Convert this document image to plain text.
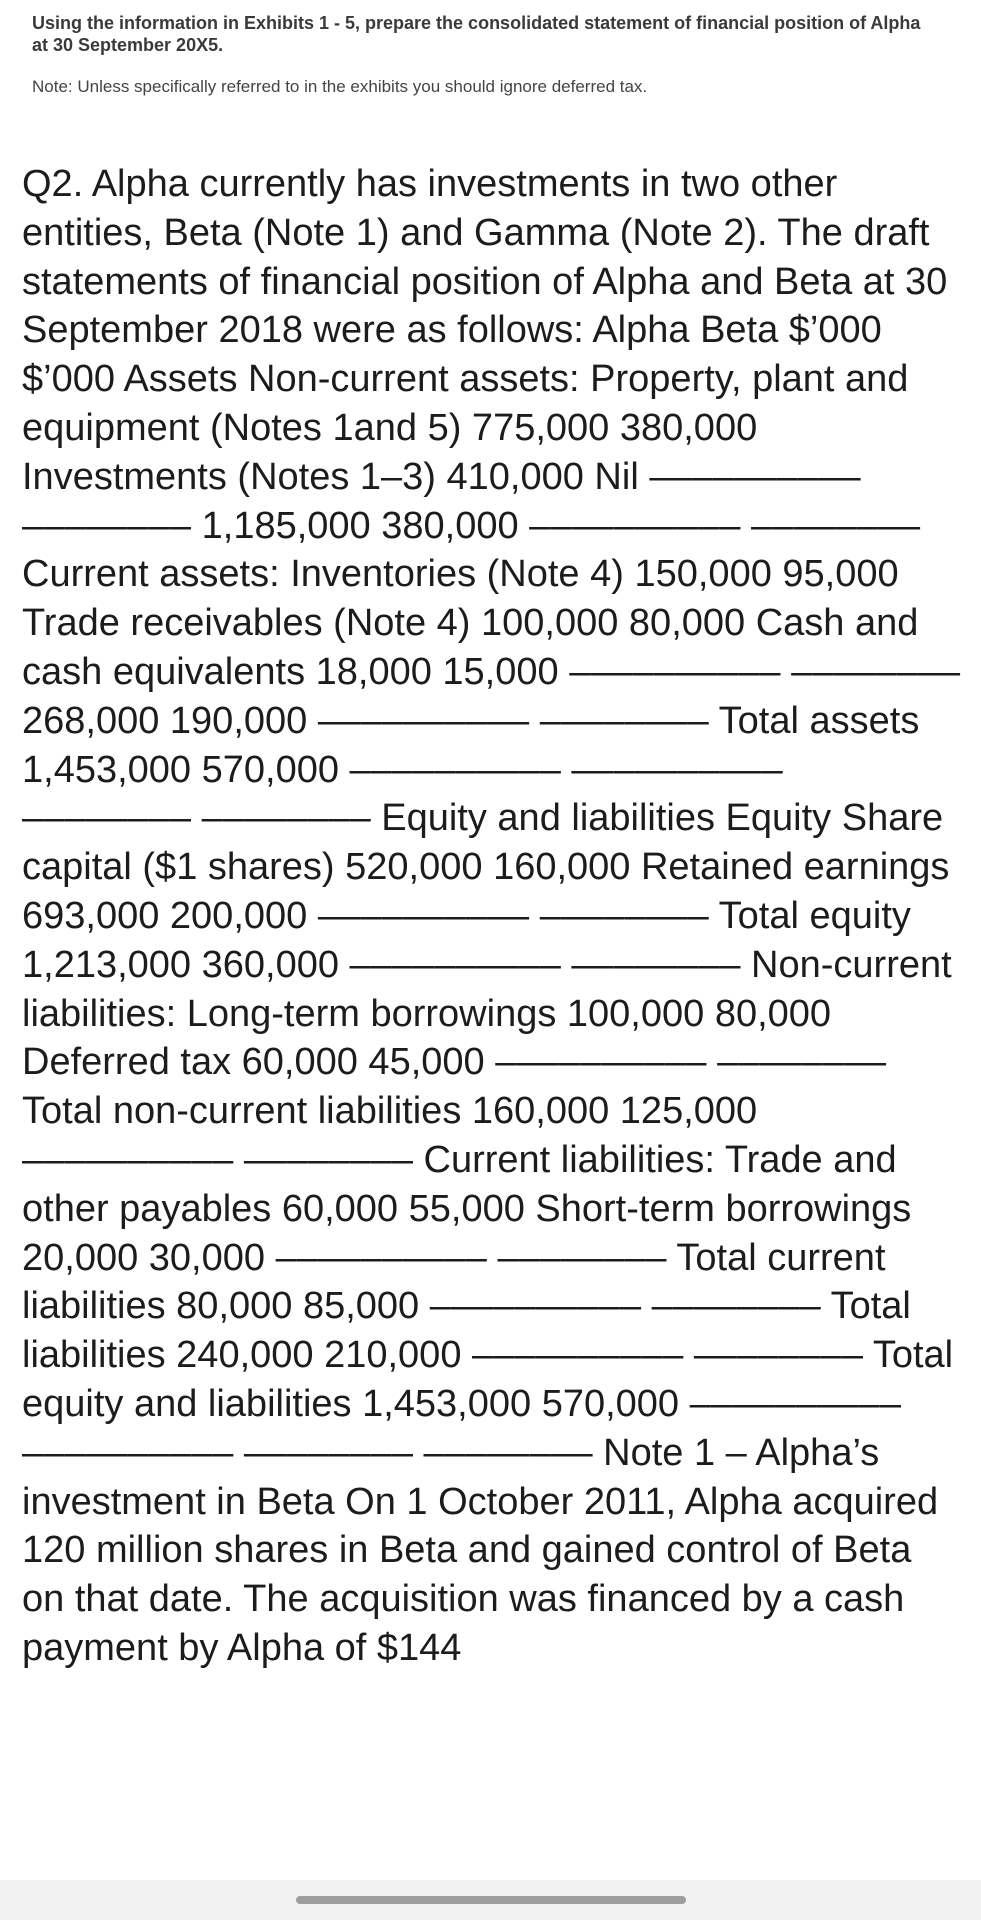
Using the information in Exhibits 1 - 5, prepare the consolidated statement of financial position of Alpha at 30 September 20X5.

Note: Unless specifically referred to in the exhibits you should ignore deferred tax.

Q2. Alpha currently has investments in two other entities, Beta (Note 1) and Gamma (Note 2). The draft statements of financial position of Alpha and Beta at 30 September 2018 were as follows: Alpha Beta $’000 $’000 Assets Non-current assets: Property, plant and equipment (Notes 1and 5) 775,000 380,000 Investments (Notes 1–3) 410,000 Nil –––––––––– –––––––– 1,185,000 380,000 –––––––––– –––––––– Current assets: Inventories (Note 4) 150,000 95,000 Trade receivables (Note 4) 100,000 80,000 Cash and cash equivalents 18,000 15,000 –––––––––– –––––––– 268,000 190,000 –––––––––– –––––––– Total assets 1,453,000 570,000 –––––––––– –––––––––– –––––––– –––––––– Equity and liabilities Equity Share capital ($1 shares) 520,000 160,000 Retained earnings 693,000 200,000 –––––––––– –––––––– Total equity 1,213,000 360,000 –––––––––– –––––––– Non-current liabilities: Long-term borrowings 100,000 80,000 Deferred tax 60,000 45,000 –––––––––– –––––––– Total non-current liabilities 160,000 125,000 –––––––––– –––––––– Current liabilities: Trade and other payables 60,000 55,000 Short-term borrowings 20,000 30,000 –––––––––– –––––––– Total current liabilities 80,000 85,000 –––––––––– –––––––– Total liabilities 240,000 210,000 –––––––––– –––––––– Total equity and liabilities 1,453,000 570,000 –––––––––– –––––––––– –––––––– –––––––– Note 1 – Alpha’s investment in Beta On 1 October 2011, Alpha acquired 120 million shares in Beta and gained control of Beta on that date. The acquisition was financed by a cash payment by Alpha of $144
